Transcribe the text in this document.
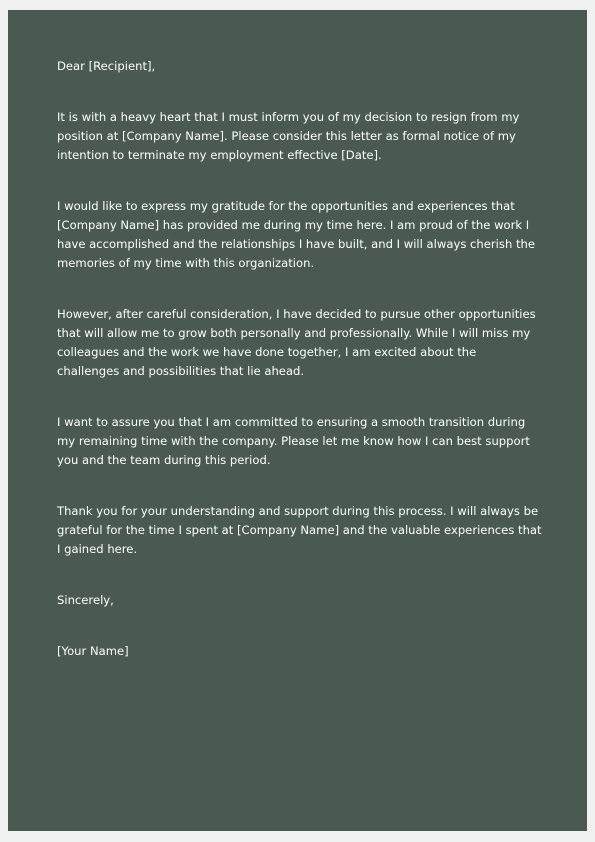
Dear [Recipient],

It is with a heavy heart that I must inform you of my decision to resign from my position at [Company Name]. Please consider this letter as formal notice of my intention to terminate my employment effective [Date].

I would like to express my gratitude for the opportunities and experiences that [Company Name] has provided me during my time here. I am proud of the work I have accomplished and the relationships I have built, and I will always cherish the memories of my time with this organization.

However, after careful consideration, I have decided to pursue other opportunities that will allow me to grow both personally and professionally. While I will miss my colleagues and the work we have done together, I am excited about the challenges and possibilities that lie ahead.

I want to assure you that I am committed to ensuring a smooth transition during my remaining time with the company. Please let me know how I can best support you and the team during this period.

Thank you for your understanding and support during this process. I will always be grateful for the time I spent at [Company Name] and the valuable experiences that I gained here.

Sincerely,

[Your Name]
